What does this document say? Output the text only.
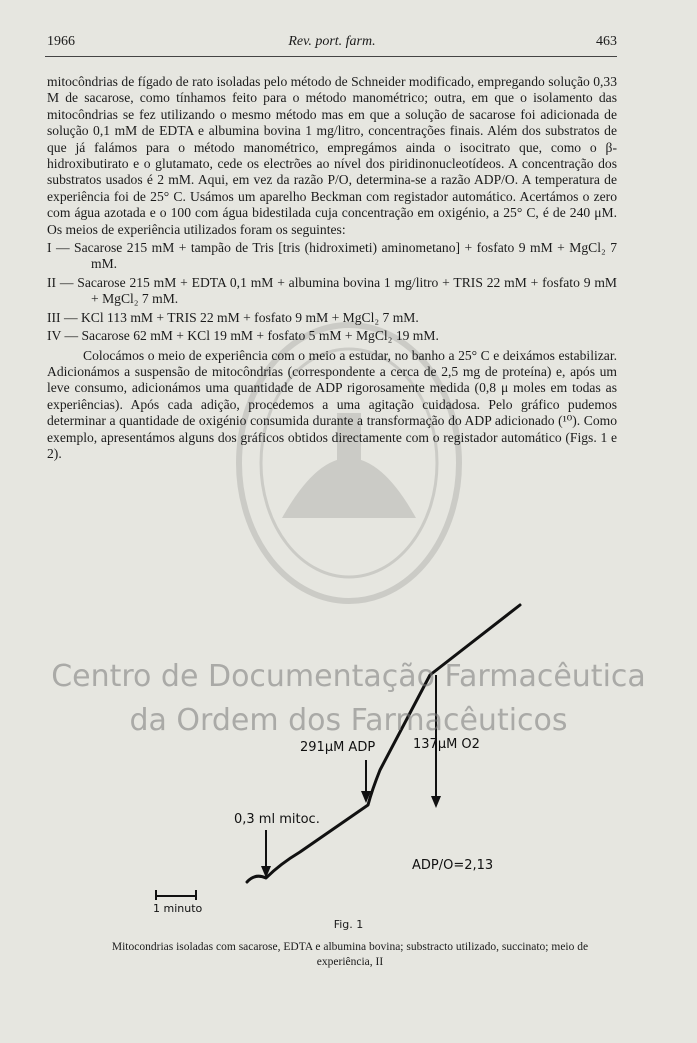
1966	Rev. port. farm.	463

mitocôndrias de fígado de rato isoladas pelo método de Schneider modificado, empregando solução 0,33 M de sacarose, como tínhamos feito para o método manométrico; outra, em que o isolamento das mitocôndrias se fez utilizando o mesmo método mas em que a solução de sacarose foi adicionada de solução 0,1 mM de EDTA e albumina bovina 1 mg/litro, concentrações finais. Além dos substratos de que já falámos para o método manométrico, empregámos ainda o isocitrato que, como o β-hidroxibutirato e o glutamato, cede os electrões ao nível dos piridinonucleotídeos. A concentração dos substratos usados é 2 mM. Aqui, em vez da razão P/O, determina-se a razão ADP/O. A temperatura de experiência foi de 25° C. Usámos um aparelho Beckman com registador automático. Acertámos o zero com água azotada e o 100 com água bidestilada cuja concentração em oxigénio, a 25° C, é de 240 μM. Os meios de experiência utilizados foram os seguintes:

I — Sacarose 215 mM + tampão de Tris [tris (hidroximeti) aminometano] + fosfato 9 mM + MgCl₂ 7 mM.

II — Sacarose 215 mM + EDTA 0,1 mM + albumina bovina 1 mg/litro + TRIS 22 mM + fosfato 9 mM + MgCl₂ 7 mM.

III — KCl 113 mM + TRIS 22 mM + fosfato 9 mM + MgCl₂ 7 mM.

IV — Sacarose 62 mM + KCl 19 mM + fosfato 5 mM + MgCl₂ 19 mM.

Colocámos o meio de experiência com o meio a estudar, no banho a 25° C e deixámos estabilizar. Adicionámos a suspensão de mitocôndrias (correspondente a cerca de 2,5 mg de proteína) e, após um leve consumo, adicionámos uma quantidade de ADP rigorosamente medida (0,8 μ moles em todas as experiências). Após cada adição, procedemos a uma agitação cuidadosa. Pelo gráfico pudemos determinar a quantidade de oxigénio consumida durante a transformação do ADP adicionado (¹⁰). Como exemplo, apresentámos alguns dos gráficos obtidos directamente com o registador automático (Figs. 1 e 2).

0,3 ml mitoc.
291μM ADP	137μM O2
ADP/O=2,13
1 minuto
Fig. 1
Mitocondrias isoladas com sacarose, EDTA e albumina bovina; substracto utilizado, succinato; meio de experiência, II
Centro de Documentação Farmacêutica
da Ordem dos Farmacêuticos
